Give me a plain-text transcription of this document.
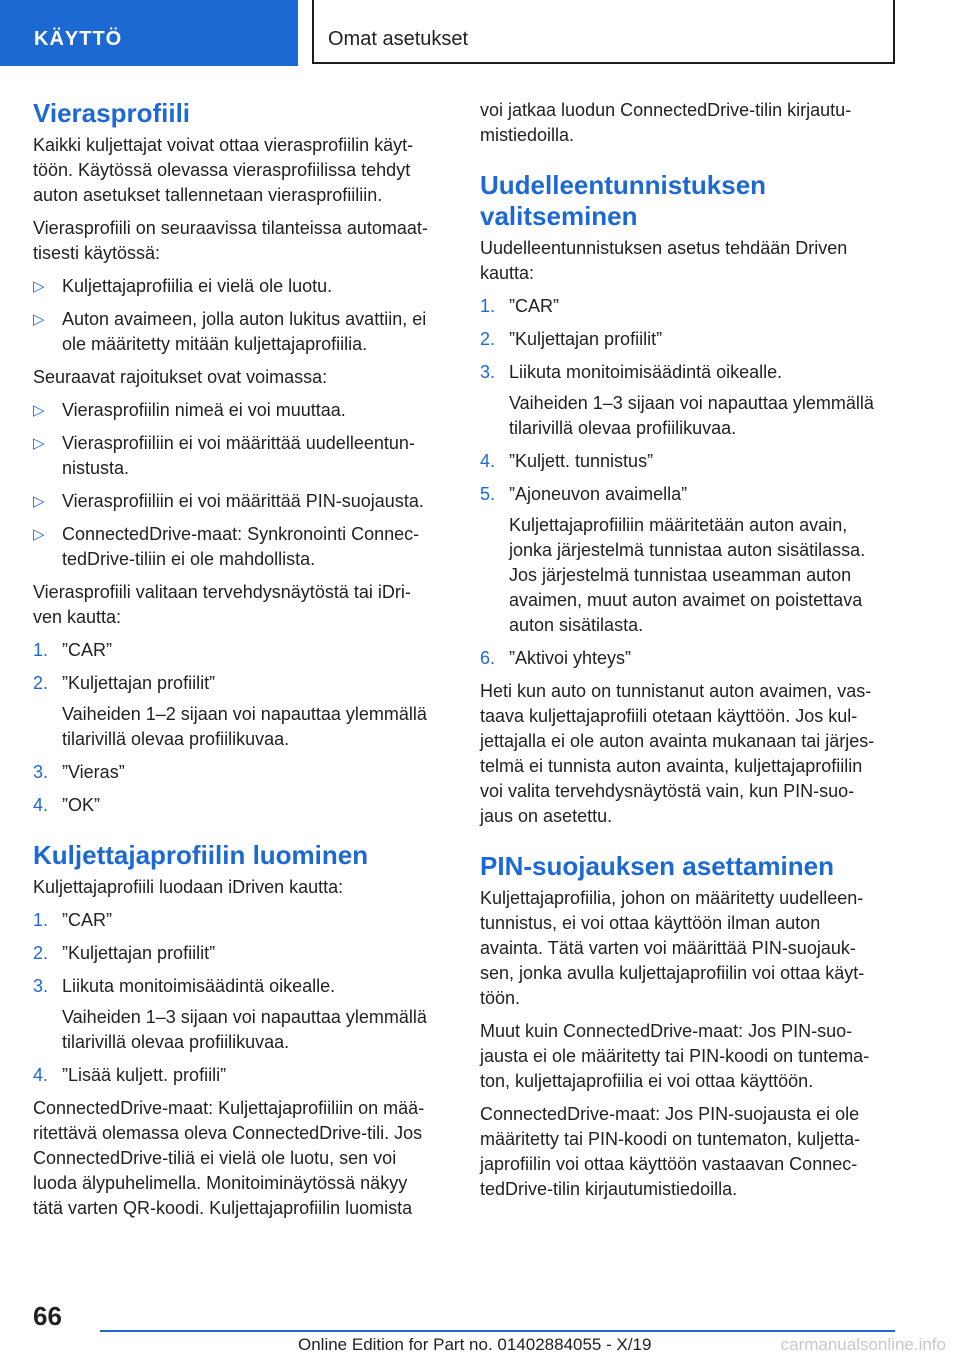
KÄYTTÖ	Omat asetukset
Vierasprofiili
Kaikki kuljettajat voivat ottaa vierasprofiilin käyt-
töön. Käytössä olevassa vierasprofiilissa tehdyt
auton asetukset tallennetaan vierasprofiiliin.
Vierasprofiili on seuraavissa tilanteissa automaat-
tisesti käytössä:
▷ Kuljettajaprofiilia ei vielä ole luotu.
▷ Auton avaimeen, jolla auton lukitus avattiin, ei
ole määritetty mitään kuljettajaprofiilia.
Seuraavat rajoitukset ovat voimassa:
▷ Vierasprofiilin nimeä ei voi muuttaa.
▷ Vierasprofiiliin ei voi määrittää uudelleentun-
nistusta.
▷ Vierasprofiiliin ei voi määrittää PIN-suojausta.
▷ ConnectedDrive-maat: Synkronointi Connec-
tedDrive-tiliin ei ole mahdollista.
Vierasprofiili valitaan tervehdysnäytöstä tai iDri-
ven kautta:
1. ”CAR”
2. ”Kuljettajan profiilit”
Vaiheiden 1–2 sijaan voi napauttaa ylemmällä
tilarivillä olevaa profiilikuvaa.
3. ”Vieras”
4. ”OK”
Kuljettajaprofiilin luominen
Kuljettajaprofiili luodaan iDriven kautta:
1. ”CAR”
2. ”Kuljettajan profiilit”
3. Liikuta monitoimisäädintä oikealle.
Vaiheiden 1–3 sijaan voi napauttaa ylemmällä
tilarivillä olevaa profiilikuvaa.
4. ”Lisää kuljett. profiili”
ConnectedDrive-maat: Kuljettajaprofiiliin on mää-
ritettävä olemassa oleva ConnectedDrive-tili. Jos
ConnectedDrive-tiliä ei vielä ole luotu, sen voi
luoda älypuhelimella. Monitoiminäytössä näkyy
tätä varten QR-koodi. Kuljettajaprofiilin luomista
voi jatkaa luodun ConnectedDrive-tilin kirjautu-
mistiedoilla.
Uudelleentunnistuksen
valitseminen
Uudelleentunnistuksen asetus tehdään Driven
kautta:
1. ”CAR”
2. ”Kuljettajan profiilit”
3. Liikuta monitoimisäädintä oikealle.
Vaiheiden 1–3 sijaan voi napauttaa ylemmällä
tilarivillä olevaa profiilikuvaa.
4. ”Kuljett. tunnistus”
5. ”Ajoneuvon avaimella”
Kuljettajaprofiiliin määritetään auton avain,
jonka järjestelmä tunnistaa auton sisätilassa.
Jos järjestelmä tunnistaa useamman auton
avaimen, muut auton avaimet on poistettava
auton sisätilasta.
6. ”Aktivoi yhteys”
Heti kun auto on tunnistanut auton avaimen, vas-
taava kuljettajaprofiili otetaan käyttöön. Jos kul-
jettajalla ei ole auton avainta mukanaan tai järjes-
telmä ei tunnista auton avainta, kuljettajaprofiilin
voi valita tervehdysnäytöstä vain, kun PIN-suo-
jaus on asetettu.
PIN-suojauksen asettaminen
Kuljettajaprofiilia, johon on määritetty uudelleen-
tunnistus, ei voi ottaa käyttöön ilman auton
avainta. Tätä varten voi määrittää PIN-suojauk-
sen, jonka avulla kuljettajaprofiilin voi ottaa käyt-
töön.
Muut kuin ConnectedDrive-maat: Jos PIN-suo-
jausta ei ole määritetty tai PIN-koodi on tuntema-
ton, kuljettajaprofiilia ei voi ottaa käyttöön.
ConnectedDrive-maat: Jos PIN-suojausta ei ole
määritetty tai PIN-koodi on tuntematon, kuljetta-
japrofiilin voi ottaa käyttöön vastaavan Connec-
tedDrive-tilin kirjautumistiedoilla.
66
Online Edition for Part no. 01402884055 - X/19	carmanualsonline.info
